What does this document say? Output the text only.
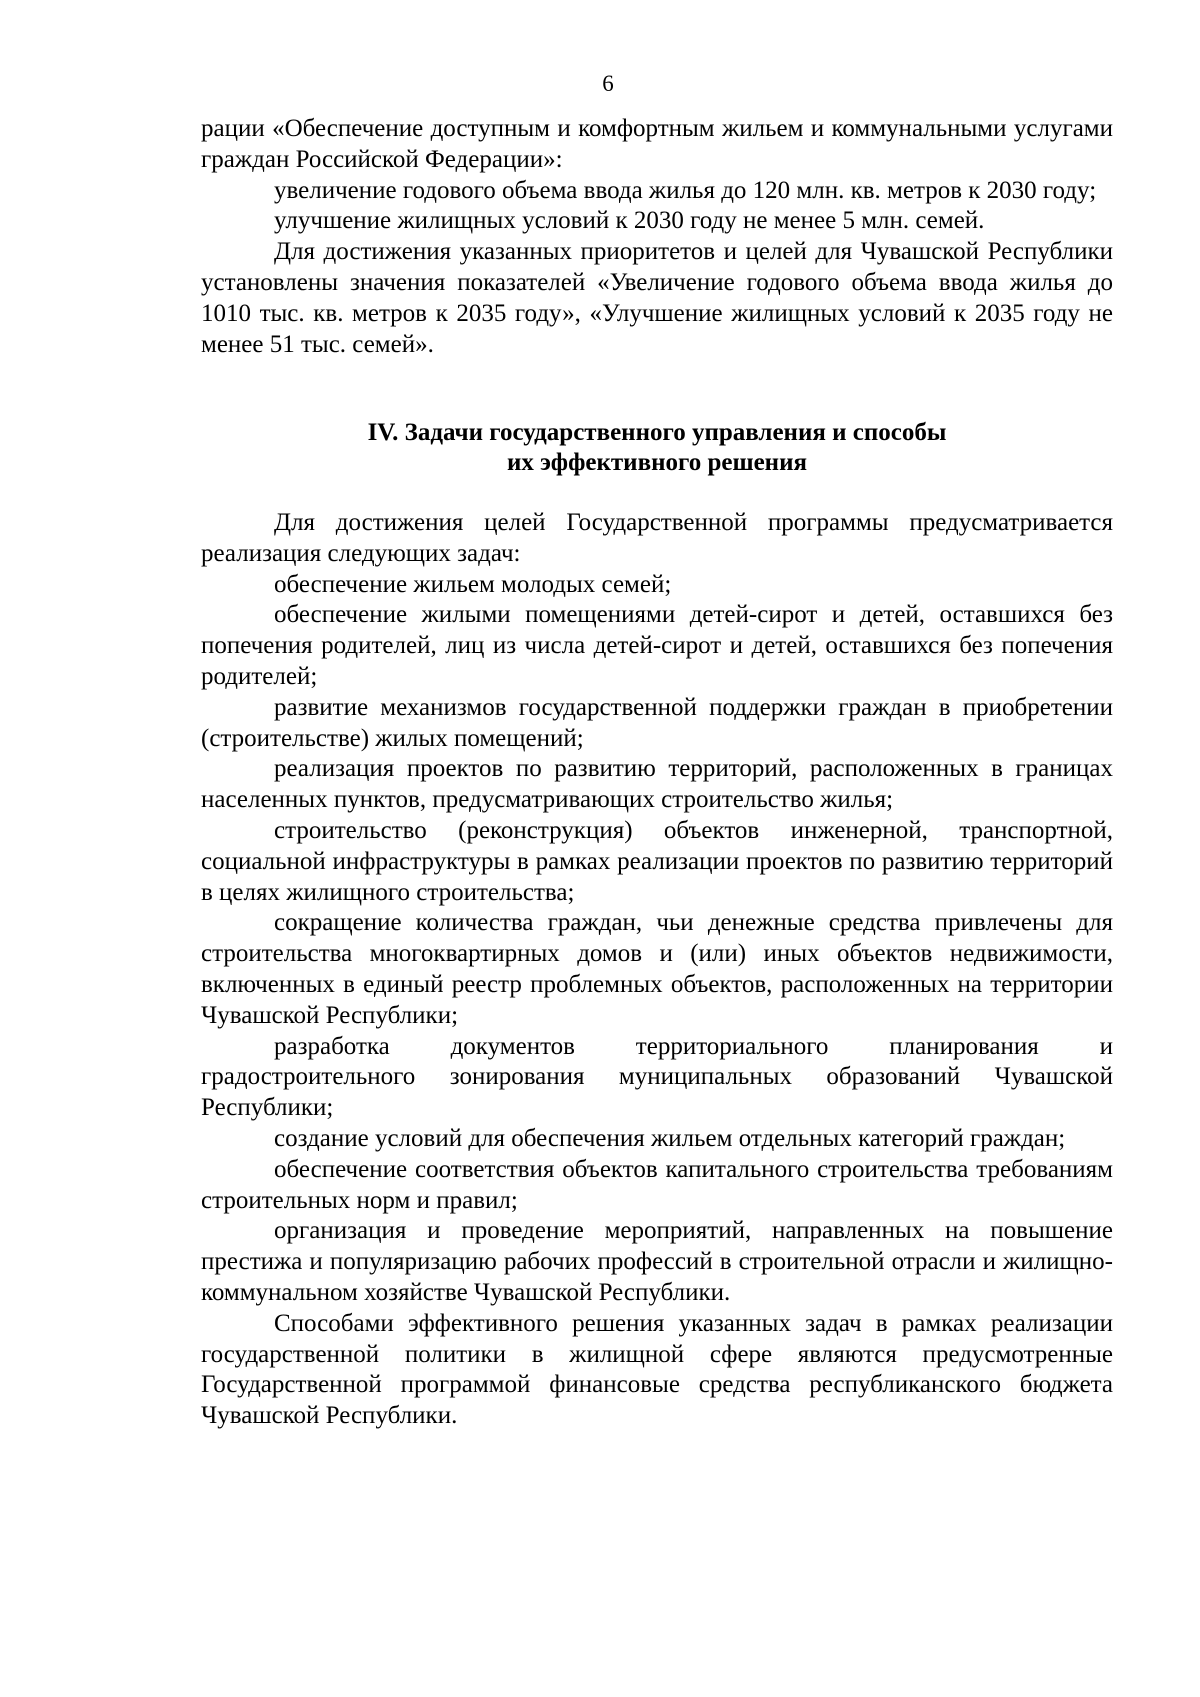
6

рации «Обеспечение доступным и комфортным жильем и коммунальными услугами граждан Российской Федерации»:

увеличение годового объема ввода жилья до 120 млн. кв. метров к 2030 году;

улучшение жилищных условий к 2030 году не менее 5 млн. семей.

Для достижения указанных приоритетов и целей для Чувашской Республики установлены значения показателей «Увеличение годового объема ввода жилья до 1010 тыс. кв. метров к 2035 году», «Улучшение жилищных условий к 2035 году не менее 51 тыс. семей».

IV. Задачи государственного управления и способы
их эффективного решения

Для достижения целей Государственной программы предусматривается реализация следующих задач:

обеспечение жильем молодых семей;

обеспечение жилыми помещениями детей-сирот и детей, оставшихся без попечения родителей, лиц из числа детей-сирот и детей, оставшихся без попечения родителей;

развитие механизмов государственной поддержки граждан в приобретении (строительстве) жилых помещений;

реализация проектов по развитию территорий, расположенных в границах населенных пунктов, предусматривающих строительство жилья;

строительство (реконструкция) объектов инженерной, транспортной, социальной инфраструктуры в рамках реализации проектов по развитию территорий в целях жилищного строительства;

сокращение количества граждан, чьи денежные средства привлечены для строительства многоквартирных домов и (или) иных объектов недвижимости, включенных в единый реестр проблемных объектов, расположенных на территории Чувашской Республики;

разработка документов территориального планирования и градостроительного зонирования муниципальных образований Чувашской Республики;

создание условий для обеспечения жильем отдельных категорий граждан;

обеспечение соответствия объектов капитального строительства требованиям строительных норм и правил;

организация и проведение мероприятий, направленных на повышение престижа и популяризацию рабочих профессий в строительной отрасли и жилищно-коммунальном хозяйстве Чувашской Республики.

Способами эффективного решения указанных задач в рамках реализации государственной политики в жилищной сфере являются предусмотренные Государственной программой финансовые средства республиканского бюджета Чувашской Республики.
